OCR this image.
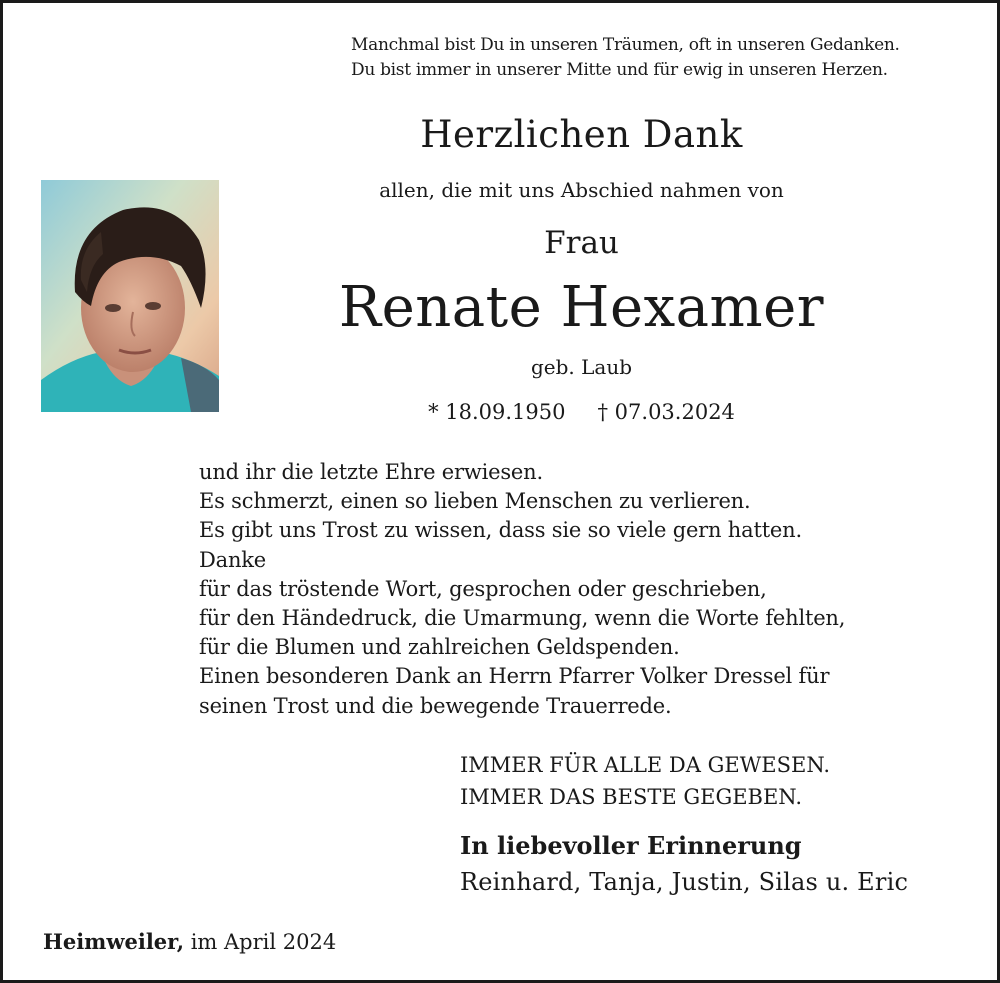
Manchmal bist Du in unseren Träumen, oft in unseren Gedanken.
Du bist immer in unserer Mitte und für ewig in unseren Herzen.
Herzlichen Dank
allen, die mit uns Abschied nahmen von
Frau
Renate Hexamer
geb. Laub
* 18.09.1950 † 07.03.2024
und ihr die letzte Ehre erwiesen.
Es schmerzt, einen so lieben Menschen zu verlieren.
Es gibt uns Trost zu wissen, dass sie so viele gern hatten.
Danke
für das tröstende Wort, gesprochen oder geschrieben,
für den Händedruck, die Umarmung, wenn die Worte fehlten,
für die Blumen und zahlreichen Geldspenden.
Einen besonderen Dank an Herrn Pfarrer Volker Dressel für
seinen Trost und die bewegende Trauerrede.
IMMER FÜR ALLE DA GEWESEN.
IMMER DAS BESTE GEGEBEN.
In liebevoller Erinnerung
Reinhard, Tanja, Justin, Silas u. Eric
Heimweiler, im April 2024
